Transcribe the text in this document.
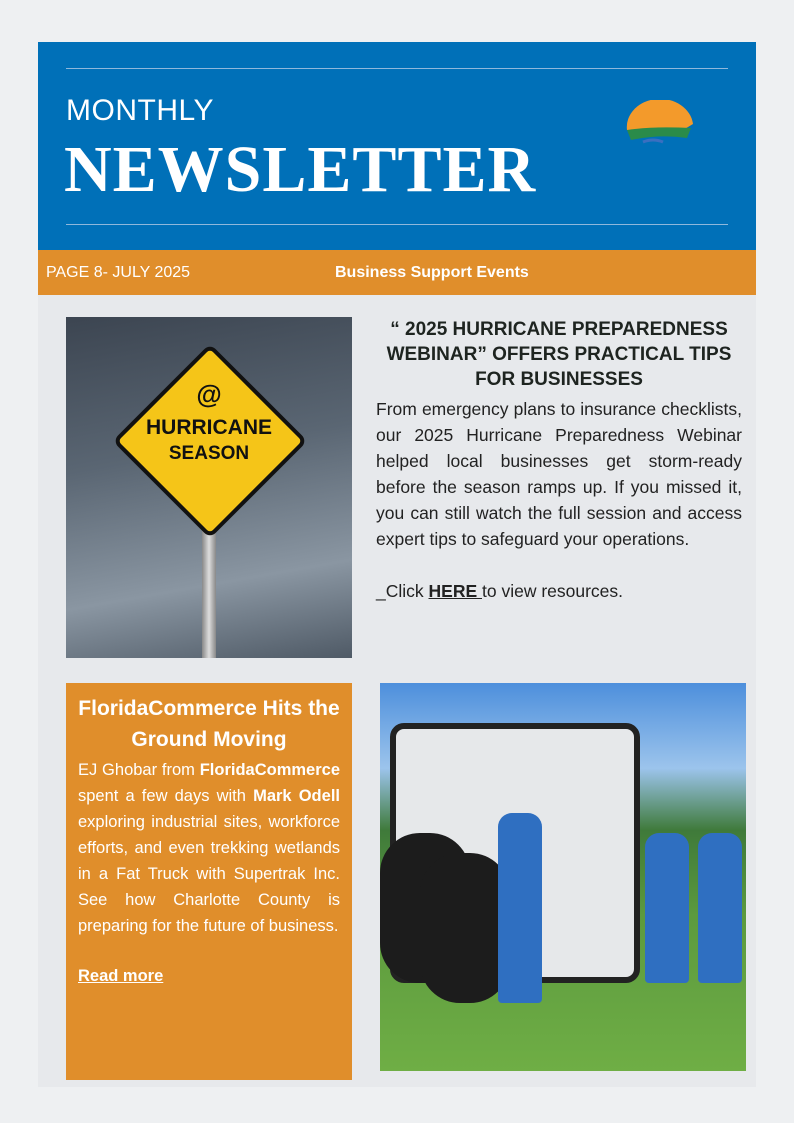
MONTHLY
NEWSLETTER
PAGE 8- JULY 2025	Business Support Events
@
HURRICANE
SEASON
“ 2025 HURRICANE PREPAREDNESS WEBINAR” OFFERS PRACTICAL TIPS FOR BUSINESSES

From emergency plans to insurance checklists, our 2025 Hurricane Preparedness Webinar helped local businesses get storm-ready before the season ramps up. If you missed it, you can still watch the full session and access expert tips to safeguard your operations.

_Click HERE to view resources.
FloridaCommerce Hits the Ground Moving

EJ Ghobar from FloridaCommerce spent a few days with Mark Odell exploring industrial sites, workforce efforts, and even trekking wetlands in a Fat Truck with Supertrak Inc. See how Charlotte County is preparing for the future of business.

Read more
